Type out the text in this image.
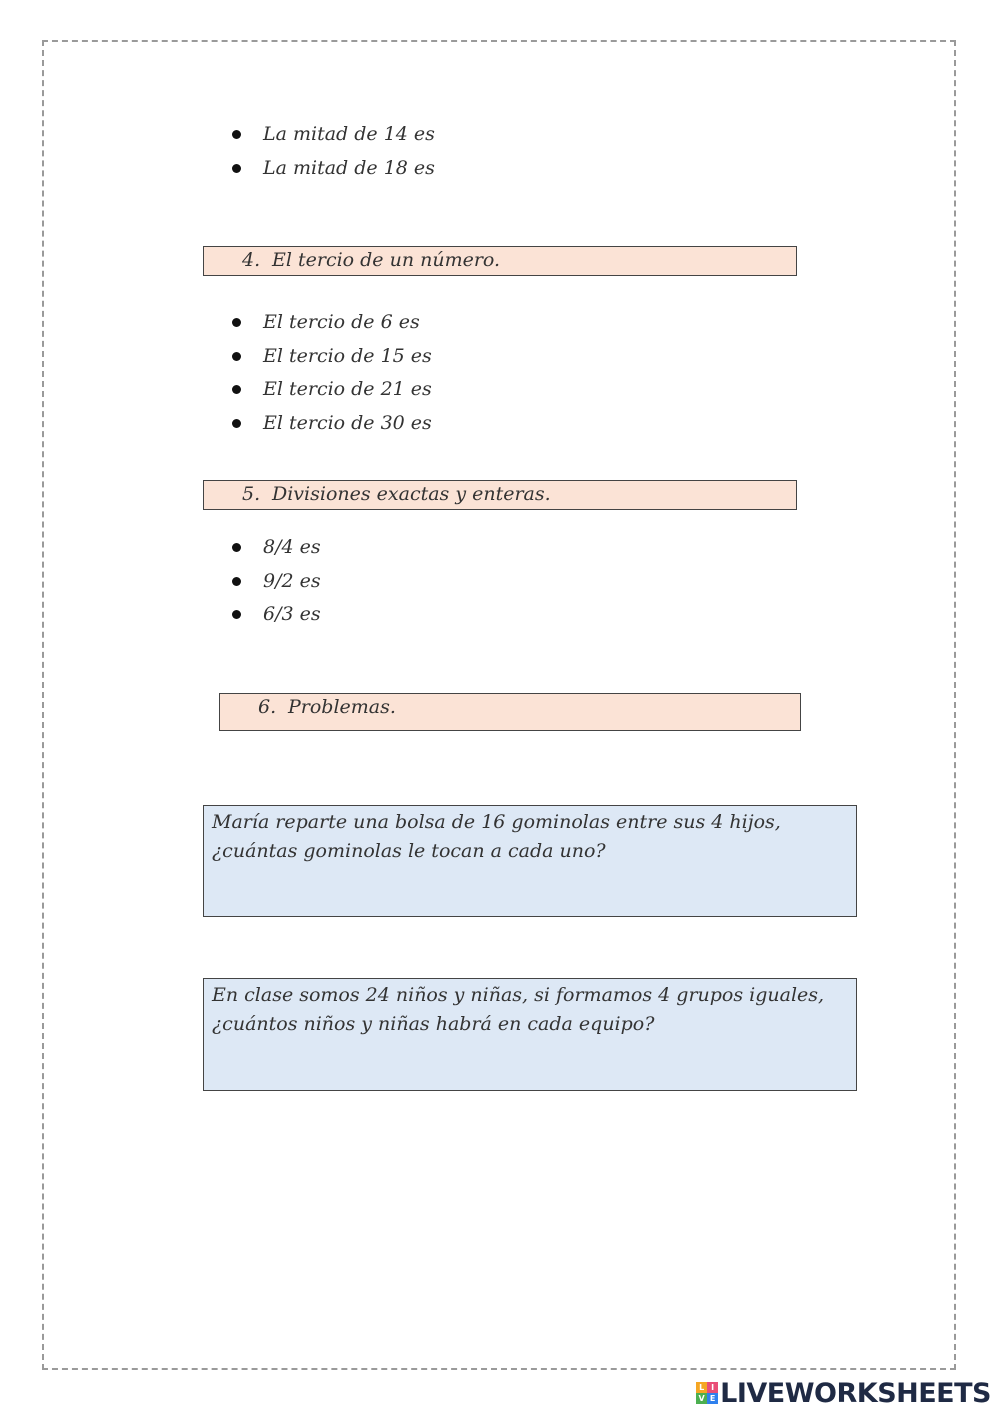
La mitad de 14 es
La mitad de 18 es
4. El tercio de un número.
El tercio de 6 es
El tercio de 15 es
El tercio de 21 es
El tercio de 30 es
5. Divisiones exactas y enteras.
8/4 es
9/2 es
6/3 es
6. Problemas.
María reparte una bolsa de 16 gominolas entre sus 4 hijos, ¿cuántas gominolas le tocan a cada uno?
En clase somos 24 niños y niñas, si formamos 4 grupos iguales, ¿cuántos niños y niñas habrá en cada equipo?
L I
V E LIVEWORKSHEETS
